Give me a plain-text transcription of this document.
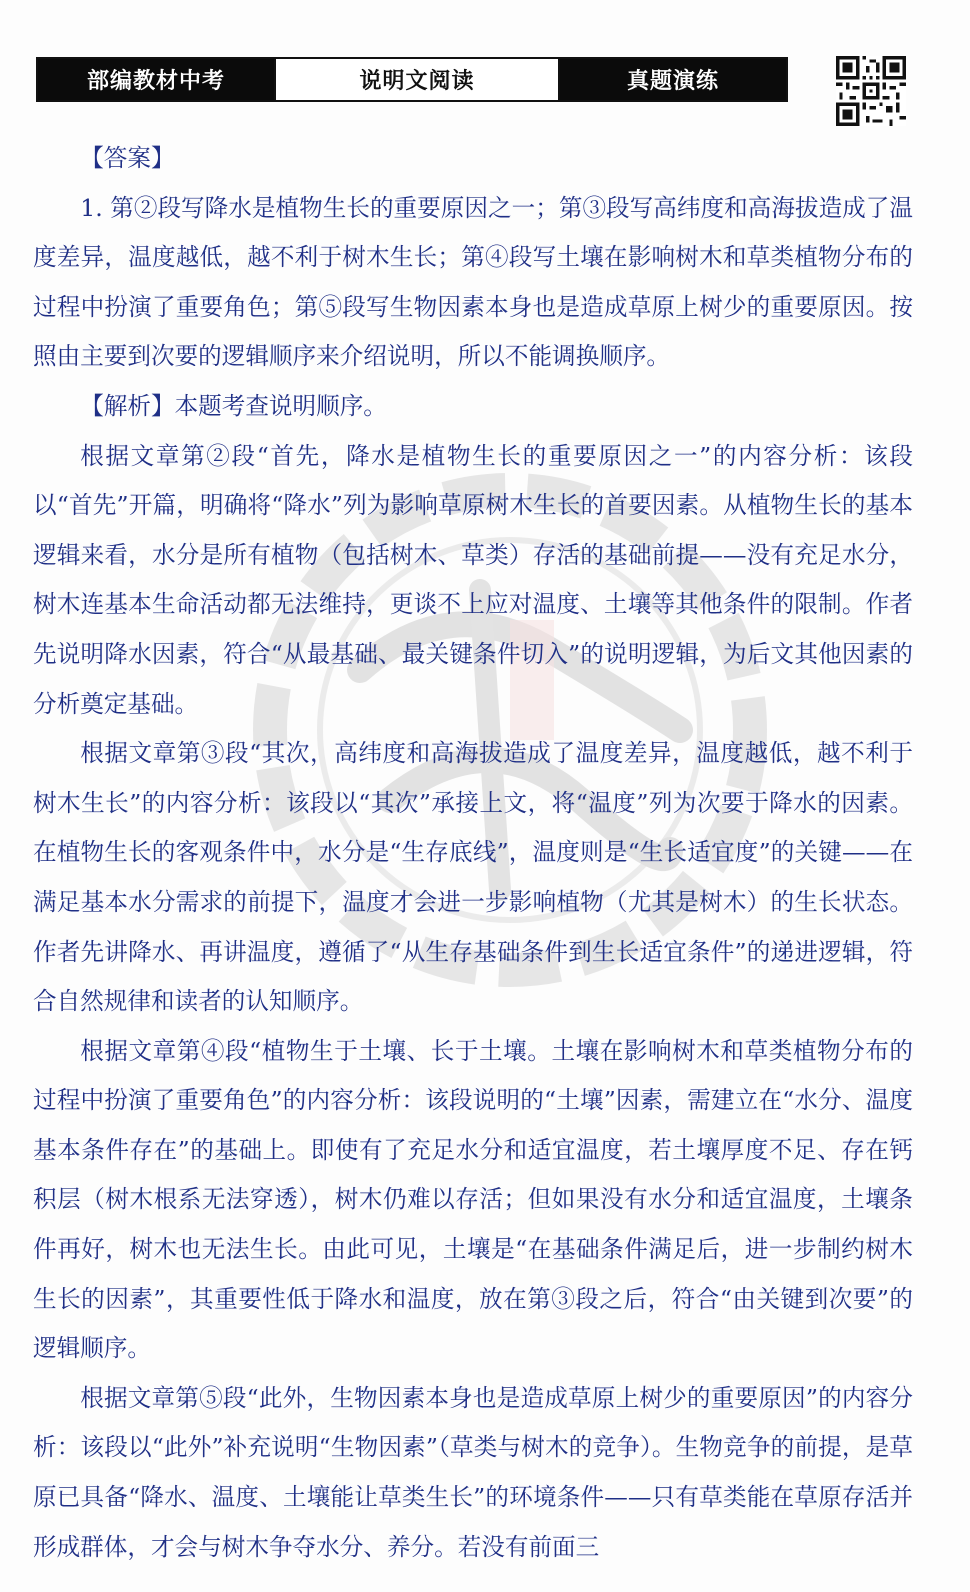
部编教材中考	说明文阅读	真题演练

【答案】

1. 第②段写降水是植物生长的重要原因之一；第③段写高纬度和高海拔造成了温度差异，温度越低，越不利于树木生长；第④段写土壤在影响树木和草类植物分布的过程中扮演了重要角色；第⑤段写生物因素本身也是造成草原上树少的重要原因。按照由主要到次要的逻辑顺序来介绍说明，所以不能调换顺序。

【解析】本题考查说明顺序。

根据文章第②段“首先，降水是植物生长的重要原因之一”的内容分析：该段以“首先”开篇，明确将“降水”列为影响草原树木生长的首要因素。从植物生长的基本逻辑来看，水分是所有植物（包括树木、草类）存活的基础前提——没有充足水分，树木连基本生命活动都无法维持，更谈不上应对温度、土壤等其他条件的限制。作者先说明降水因素，符合“从最基础、最关键条件切入”的说明逻辑，为后文其他因素的分析奠定基础。

根据文章第③段“其次，高纬度和高海拔造成了温度差异，温度越低，越不利于树木生长”的内容分析：该段以“其次”承接上文，将“温度”列为次要于降水的因素。在植物生长的客观条件中，水分是“生存底线”，温度则是“生长适宜度”的关键——在满足基本水分需求的前提下，温度才会进一步影响植物（尤其是树木）的生长状态。作者先讲降水、再讲温度，遵循了“从生存基础条件到生长适宜条件”的递进逻辑，符合自然规律和读者的认知顺序。

根据文章第④段“植物生于土壤、长于土壤。土壤在影响树木和草类植物分布的过程中扮演了重要角色”的内容分析：该段说明的“土壤”因素，需建立在“水分、温度基本条件存在”的基础上。即使有了充足水分和适宜温度，若土壤厚度不足、存在钙积层（树木根系无法穿透），树木仍难以存活；但如果没有水分和适宜温度，土壤条件再好，树木也无法生长。由此可见，土壤是“在基础条件满足后，进一步制约树木生长的因素”，其重要性低于降水和温度，放在第③段之后，符合“由关键到次要”的逻辑顺序。

根据文章第⑤段“此外，生物因素本身也是造成草原上树少的重要原因”的内容分析：该段以“此外”补充说明“生物因素”（草类与树木的竞争）。生物竞争的前提，是草原已具备“降水、温度、土壤能让草类生长”的环境条件——只有草类能在草原存活并形成群体，才会与树木争夺水分、养分。若没有前面三
